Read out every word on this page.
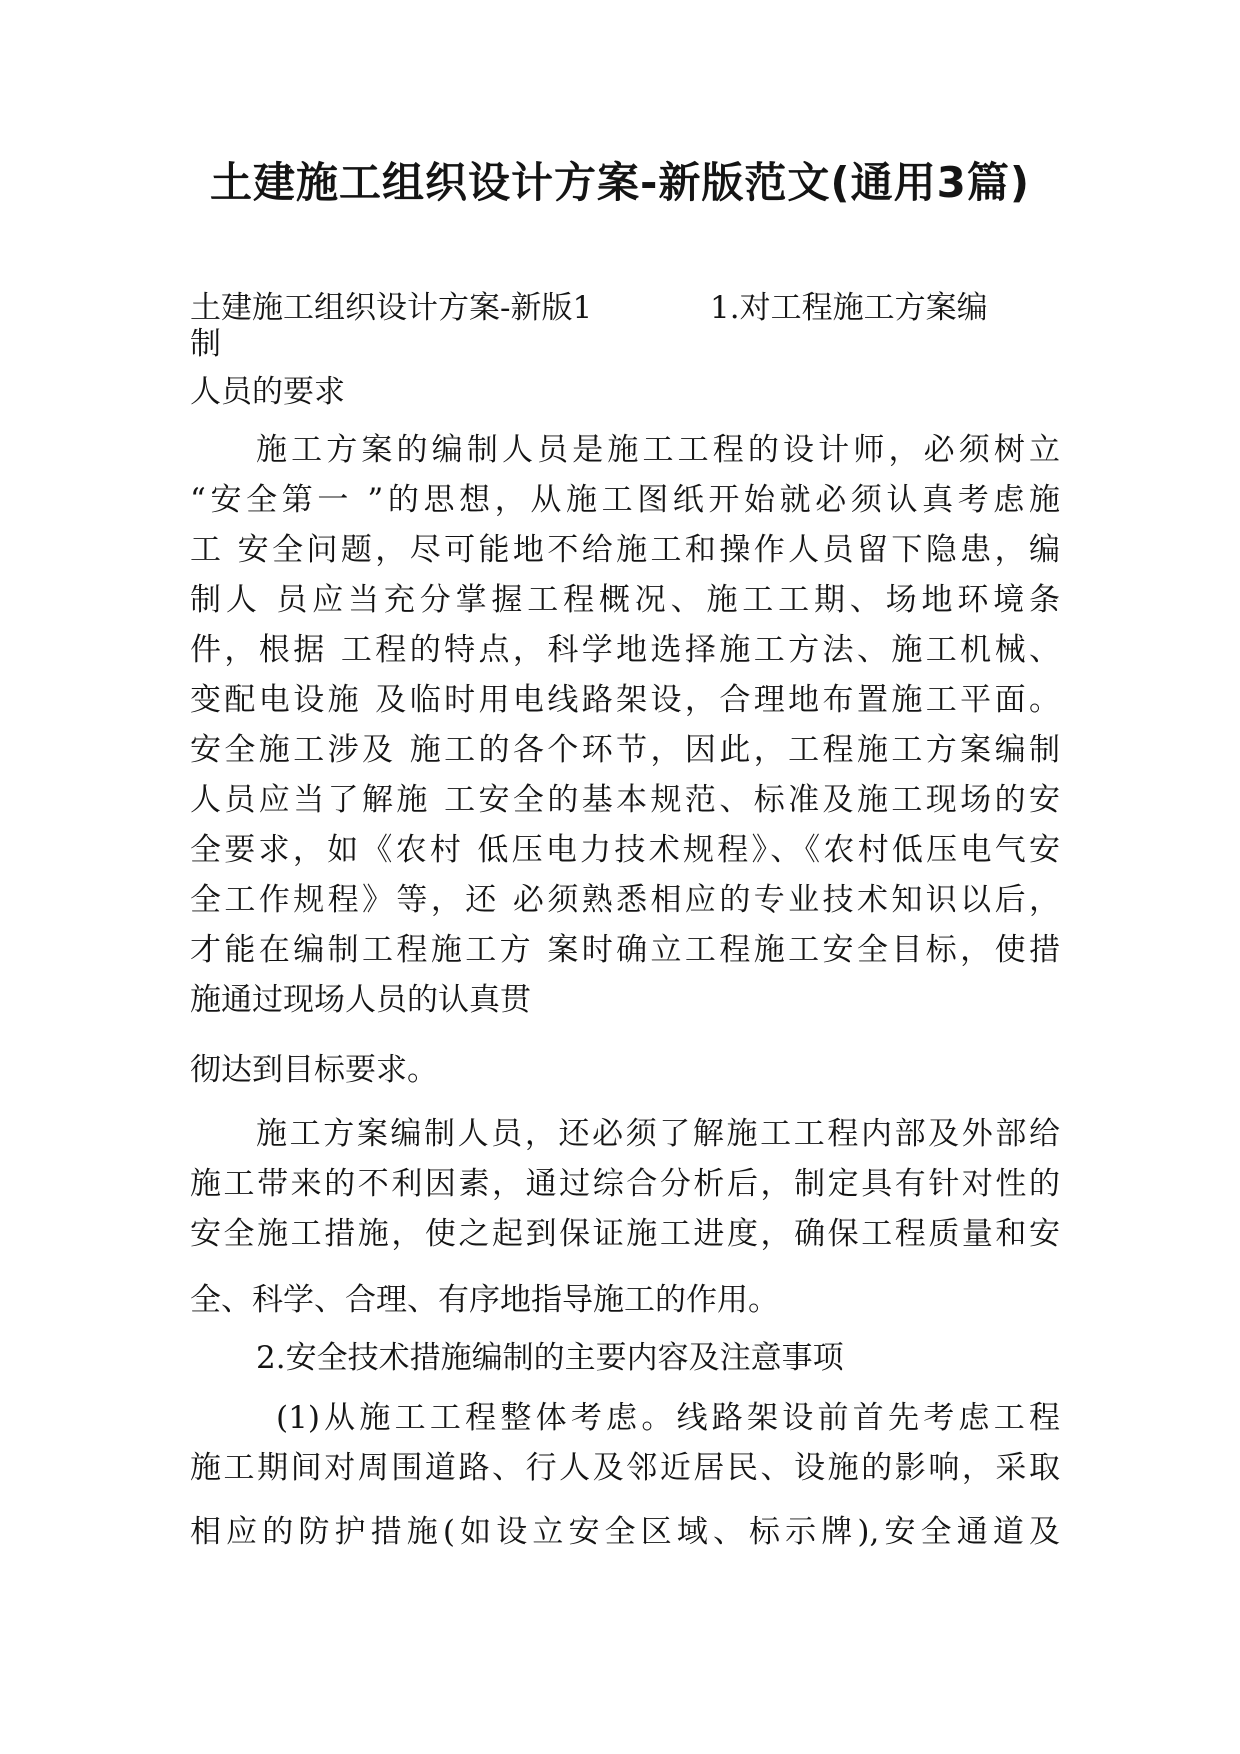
土建施工组织设计方案-新版范文(通用3篇)
土建施工组织设计方案-新版1	1.对工程施工方案编
制

人员的要求

施工方案的编制人员是施工工程的设计师，必须树立

“安全第一 ”的思想，从施工图纸开始就必须认真考虑施

工 安全问题，尽可能地不给施工和操作人员留下隐患，编

制人 员应当充分掌握工程概况、施工工期、场地环境条

件，根据 工程的特点，科学地选择施工方法、施工机械、

变配电设施 及临时用电线路架设，合理地布置施工平面。

安全施工涉及 施工的各个环节，因此，工程施工方案编制

人员应当了解施 工安全的基本规范、标准及施工现场的安

全要求，如《农村 低压电力技术规程》、《农村低压电气安

全工作规程》等，还 必须熟悉相应的专业技术知识以后，

才能在编制工程施工方 案时确立工程施工安全目标，使措

施通过现场人员的认真贯

彻达到目标要求。

施工方案编制人员，还必须了解施工工程内部及外部给

施工带来的不利因素，通过综合分析后，制定具有针对性的

安全施工措施，使之起到保证施工进度，确保工程质量和安

全、科学、合理、有序地指导施工的作用。

2.安全技术措施编制的主要内容及注意事项

(1)从施工工程整体考虑。线路架设前首先考虑工程

施工期间对周围道路、行人及邻近居民、设施的影响，采取

相应的防护措施(如设立安全区域、标示牌),安全通道及
